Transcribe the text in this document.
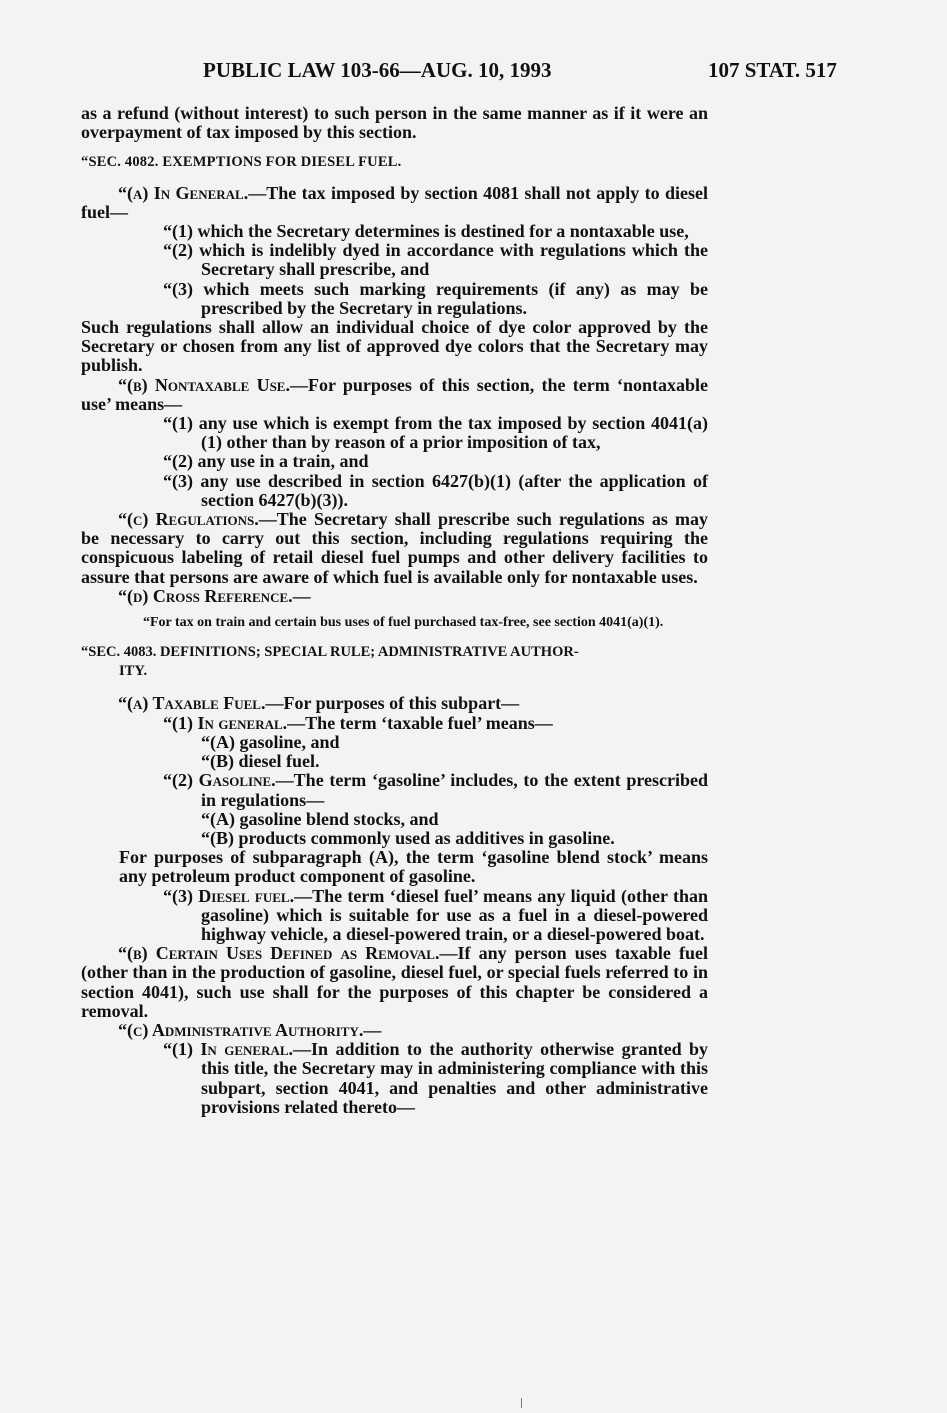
PUBLIC LAW 103-66—AUG. 10, 1993	107 STAT. 517

as a refund (without interest) to such person in the same manner as if it were an overpayment of tax imposed by this section.

“SEC. 4082. EXEMPTIONS FOR DIESEL FUEL.

“(a) In General.—The tax imposed by section 4081 shall not apply to diesel fuel—

“(1) which the Secretary determines is destined for a nontaxable use,

“(2) which is indelibly dyed in accordance with regulations which the Secretary shall prescribe, and

“(3) which meets such marking requirements (if any) as may be prescribed by the Secretary in regulations.

Such regulations shall allow an individual choice of dye color approved by the Secretary or chosen from any list of approved dye colors that the Secretary may publish.

“(b) Nontaxable Use.—For purposes of this section, the term ‘nontaxable use’ means—

“(1) any use which is exempt from the tax imposed by section 4041(a)(1) other than by reason of a prior imposition of tax,

“(2) any use in a train, and

“(3) any use described in section 6427(b)(1) (after the application of section 6427(b)(3)).

“(c) Regulations.—The Secretary shall prescribe such regulations as may be necessary to carry out this section, including regulations requiring the conspicuous labeling of retail diesel fuel pumps and other delivery facilities to assure that persons are aware of which fuel is available only for nontaxable uses.

“(d) Cross Reference.—

“For tax on train and certain bus uses of fuel purchased tax-free, see section 4041(a)(1).

“SEC. 4083. DEFINITIONS; SPECIAL RULE; ADMINISTRATIVE AUTHOR-
ITY.

“(a) Taxable Fuel.—For purposes of this subpart—

“(1) In general.—The term ‘taxable fuel’ means—

“(A) gasoline, and

“(B) diesel fuel.

“(2) Gasoline.—The term ‘gasoline’ includes, to the extent prescribed in regulations—

“(A) gasoline blend stocks, and

“(B) products commonly used as additives in gasoline.

For purposes of subparagraph (A), the term ‘gasoline blend stock’ means any petroleum product component of gasoline.

“(3) Diesel fuel.—The term ‘diesel fuel’ means any liquid (other than gasoline) which is suitable for use as a fuel in a diesel-powered highway vehicle, a diesel-powered train, or a diesel-powered boat.

“(b) Certain Uses Defined as Removal.—If any person uses taxable fuel (other than in the production of gasoline, diesel fuel, or special fuels referred to in section 4041), such use shall for the purposes of this chapter be considered a removal.

“(c) Administrative Authority.—

“(1) In general.—In addition to the authority otherwise granted by this title, the Secretary may in administering compliance with this subpart, section 4041, and penalties and other administrative provisions related thereto—
